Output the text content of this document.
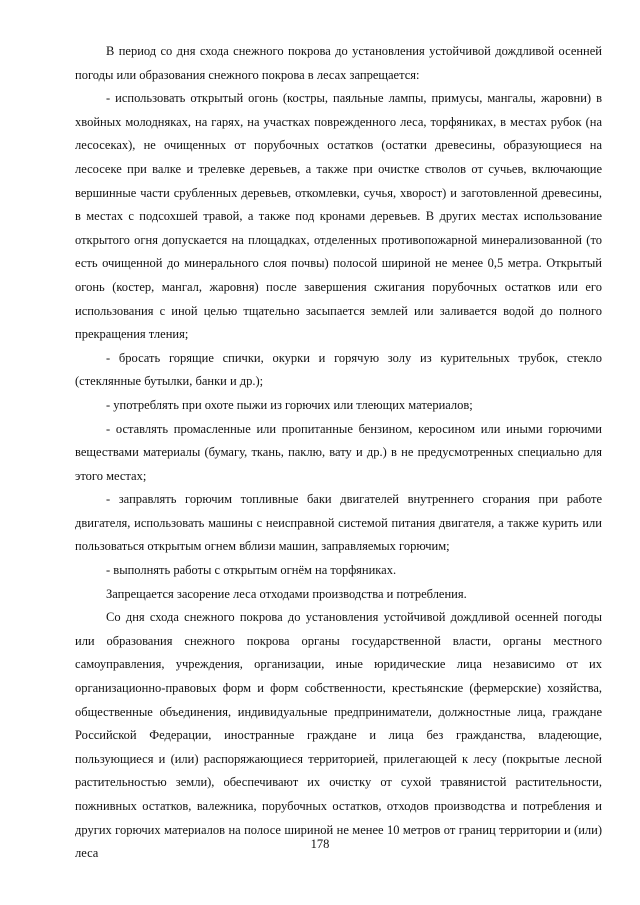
В период со дня схода снежного покрова до установления устойчивой дождливой осенней погоды или образования снежного покрова в лесах запрещается:

- использовать открытый огонь (костры, паяльные лампы, примусы, мангалы, жаровни) в хвойных молодняках, на гарях, на участках поврежденного леса, торфяниках, в местах рубок (на лесосеках), не очищенных от порубочных остатков (остатки древесины, образующиеся на лесосеке при валке и трелевке деревьев, а также при очистке стволов от сучьев, включающие вершинные части срубленных деревьев, откомлевки, сучья, хворост) и заготовленной древесины, в местах с подсохшей травой, а также под кронами деревьев. В других местах использование открытого огня допускается на площадках, отделенных противопожарной минерализованной (то есть очищенной до минерального слоя почвы) полосой шириной не менее 0,5 метра. Открытый огонь (костер, мангал, жаровня) после завершения сжигания порубочных остатков или его использования с иной целью тщательно засыпается землей или заливается водой до полного прекращения тления;

- бросать горящие спички, окурки и горячую золу из курительных трубок, стекло (стеклянные бутылки, банки и др.);

- употреблять при охоте пыжи из горючих или тлеющих материалов;

- оставлять промасленные или пропитанные бензином, керосином или иными горючими веществами материалы (бумагу, ткань, паклю, вату и др.) в не предусмотренных специально для этого местах;

- заправлять горючим топливные баки двигателей внутреннего сгорания при работе двигателя, использовать машины с неисправной системой питания двигателя, а также курить или пользоваться открытым огнем вблизи машин, заправляемых горючим;

- выполнять работы с открытым огнём на торфяниках.

Запрещается засорение леса отходами производства и потребления.

Со дня схода снежного покрова до установления устойчивой дождливой осенней погоды или образования снежного покрова органы государственной власти, органы местного самоуправления, учреждения, организации, иные юридические лица независимо от их организационно-правовых форм и форм собственности, крестьянские (фермерские) хозяйства, общественные объединения, индивидуальные предприниматели, должностные лица, граждане Российской Федерации, иностранные граждане и лица без гражданства, владеющие, пользующиеся и (или) распоряжающиеся территорией, прилегающей к лесу (покрытые лесной растительностью земли), обеспечивают их очистку от сухой травянистой растительности, пожнивных остатков, валежника, порубочных остатков, отходов производства и потребления и других горючих материалов на полосе шириной не менее 10 метров от границ территории и (или) леса

178
